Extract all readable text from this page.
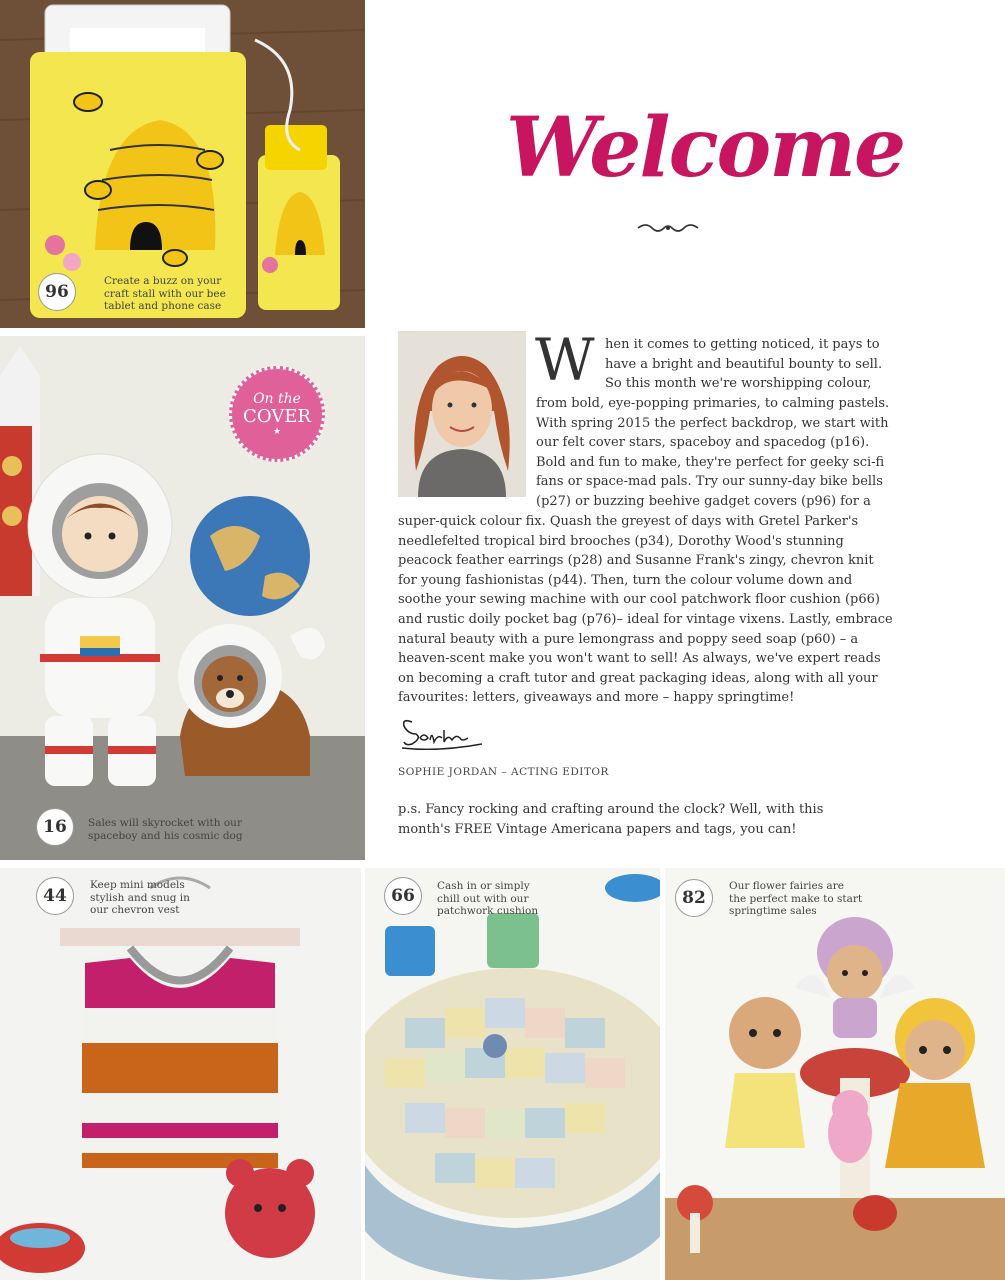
96
Create a buzz on your
craft stall with our bee
tablet and phone case
On the
COVER
★
16	Sales will skyrocket with our
spaceboy and his cosmic dog
44
Keep mini models
stylish and snug in
our chevron vest
66	Cash in or simply
chill out with our
patchwork cushion
82
Our flower fairies are
the perfect make to start
springtime sales
Welcome
W hen it comes to getting noticed, it pays to
have a bright and beautiful bounty to sell.
So this month we're worshipping colour,
from bold, eye-popping primaries, to calming pastels.
With spring 2015 the perfect backdrop, we start with
our felt cover stars, spaceboy and spacedog (p16).
Bold and fun to make, they're perfect for geeky sci-fi
fans or space-mad pals. Try our sunny-day bike bells
(p27) or buzzing beehive gadget covers (p96) for a
super-quick colour fix. Quash the greyest of days with Gretel Parker's
needlefelted tropical bird brooches (p34), Dorothy Wood's stunning
peacock feather earrings (p28) and Susanne Frank's zingy, chevron knit
for young fashionistas (p44). Then, turn the colour volume down and
soothe your sewing machine with our cool patchwork floor cushion (p66)
and rustic doily pocket bag (p76)– ideal for vintage vixens. Lastly, embrace
natural beauty with a pure lemongrass and poppy seed soap (p60) – a
heaven-scent make you won't want to sell! As always, we've expert reads
on becoming a craft tutor and great packaging ideas, along with all your
favourites: letters, giveaways and more – happy springtime!
SOPHIE JORDAN – ACTING EDITOR
p.s. Fancy rocking and crafting around the clock? Well, with this
month's FREE Vintage Americana papers and tags, you can!
